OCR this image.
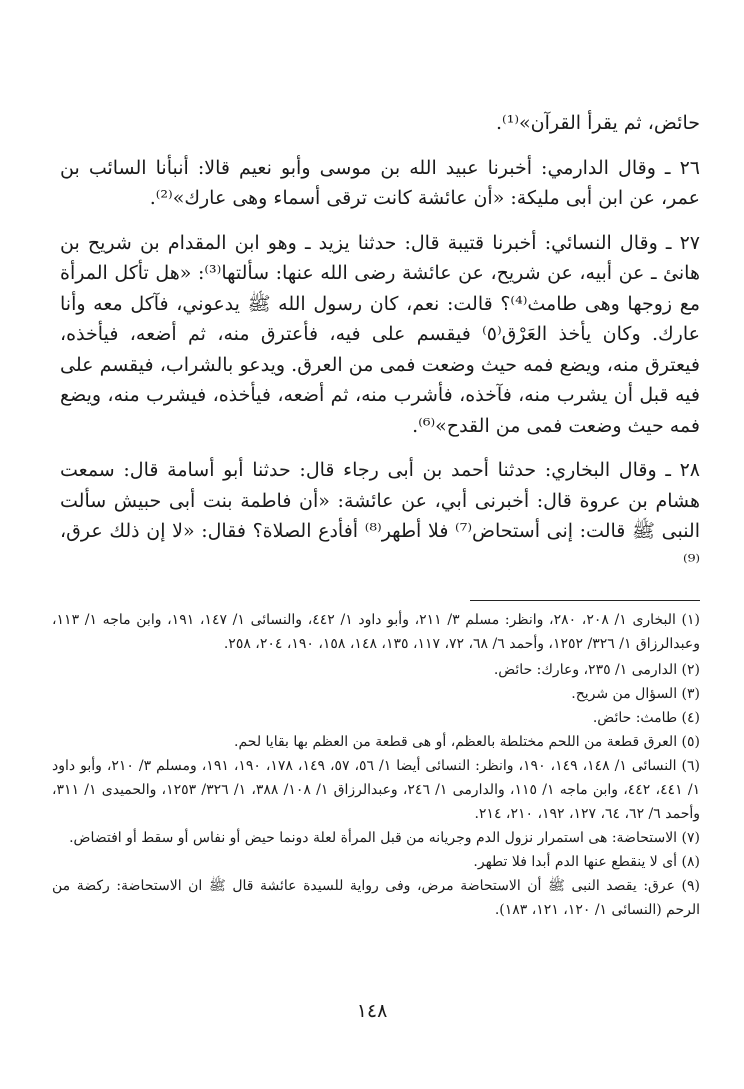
حائض، ثم يقرأ القرآن»⁽¹⁾.

٢٦ ـ وقال الدارمي: أخبرنا عبيد الله بن موسى وأبو نعيم قالا: أنبأنا السائب بن عمر، عن ابن أبى مليكة: «أن عائشة كانت ترقى أسماء وهى عارك»⁽²⁾.

٢٧ ـ وقال النسائي: أخبرنا قتيبة قال: حدثنا يزيد ـ وهو ابن المقدام بن شريح بن هانئ ـ عن أبيه، عن شريح، عن عائشة رضى الله عنها: سألتها⁽³⁾: «هل تأكل المرأة مع زوجها وهى طامث⁽⁴⁾؟ قالت: نعم، كان رسول الله ﷺ يدعوني، فآكل معه وأنا عارك. وكان يأخذ العَرْق⁽٥⁾ فيقسم على فيه، فأعترق منه، ثم أضعه، فيأخذه، فيعترق منه، ويضع فمه حيث وضعت فمى من العرق. ويدعو بالشراب، فيقسم على فيه قبل أن يشرب منه، فآخذه، فأشرب منه، ثم أضعه، فيأخذه، فيشرب منه، ويضع فمه حيث وضعت فمى من القدح»⁽⁶⁾.

٢٨ ـ وقال البخاري: حدثنا أحمد بن أبى رجاء قال: حدثنا أبو أسامة قال: سمعت هشام بن عروة قال: أخبرنى أبي، عن عائشة: «أن فاطمة بنت أبى حبيش سألت النبى ﷺ قالت: إنى أستحاض⁽⁷⁾ فلا أطهر⁽⁸⁾ أفأدع الصلاة؟ فقال: «لا إن ذلك عرق،⁽⁹⁾

(١) البخارى ١/ ٢٠٨، ٢٨٠، وانظر: مسلم ٣/ ٢١١، وأبو داود ١/ ٤٤٢، والنسائى ١/ ١٤٧، ١٩١، وابن ماجه ١/ ١١٣، وعبدالرزاق ١/ ٣٢٦/ ١٢٥٢، وأحمد ٦/ ٦٨، ٧٢، ١١٧، ١٣٥، ١٤٨، ١٥٨، ١٩٠، ٢٠٤، ٢٥٨.

(٢) الدارمى ١/ ٢٣٥، وعارك: حائض.

(٣) السؤال من شريح.

(٤) طامث: حائض.

(٥) العرق قطعة من اللحم مختلطة بالعظم، أو هى قطعة من العظم بها بقايا لحم.

(٦) النسائى ١/ ١٤٨، ١٤٩، ١٩٠، وانظر: النسائى أيضا ١/ ٥٦، ٥٧، ١٤٩، ١٧٨، ١٩٠، ١٩١، ومسلم ٣/ ٢١٠، وأبو داود ١/ ٤٤١، ٤٤٢، وابن ماجه ١/ ١١٥، والدارمى ١/ ٢٤٦، وعبدالرزاق ١/ ١٠٨/ ٣٨٨، ١/ ٣٢٦/ ١٢٥٣، والحميدى ١/ ٣١١، وأحمد ٦/ ٦٢، ٦٤، ١٢٧، ١٩٢، ٢١٠، ٢١٤.

(٧) الاستحاضة: هى استمرار نزول الدم وجريانه من قبل المرأة لعلة دونما حيض أو نفاس أو سقط أو افتضاض.

(٨) أى لا ينقطع عنها الدم أبدا فلا تطهر.

(٩) عرق: يقصد النبى ﷺ أن الاستحاضة مرض، وفى رواية للسيدة عائشة قال ﷺ ان الاستحاضة: ركضة من الرحم (النسائى ١/ ١٢٠، ١٢١، ١٨٣).

١٤٨
